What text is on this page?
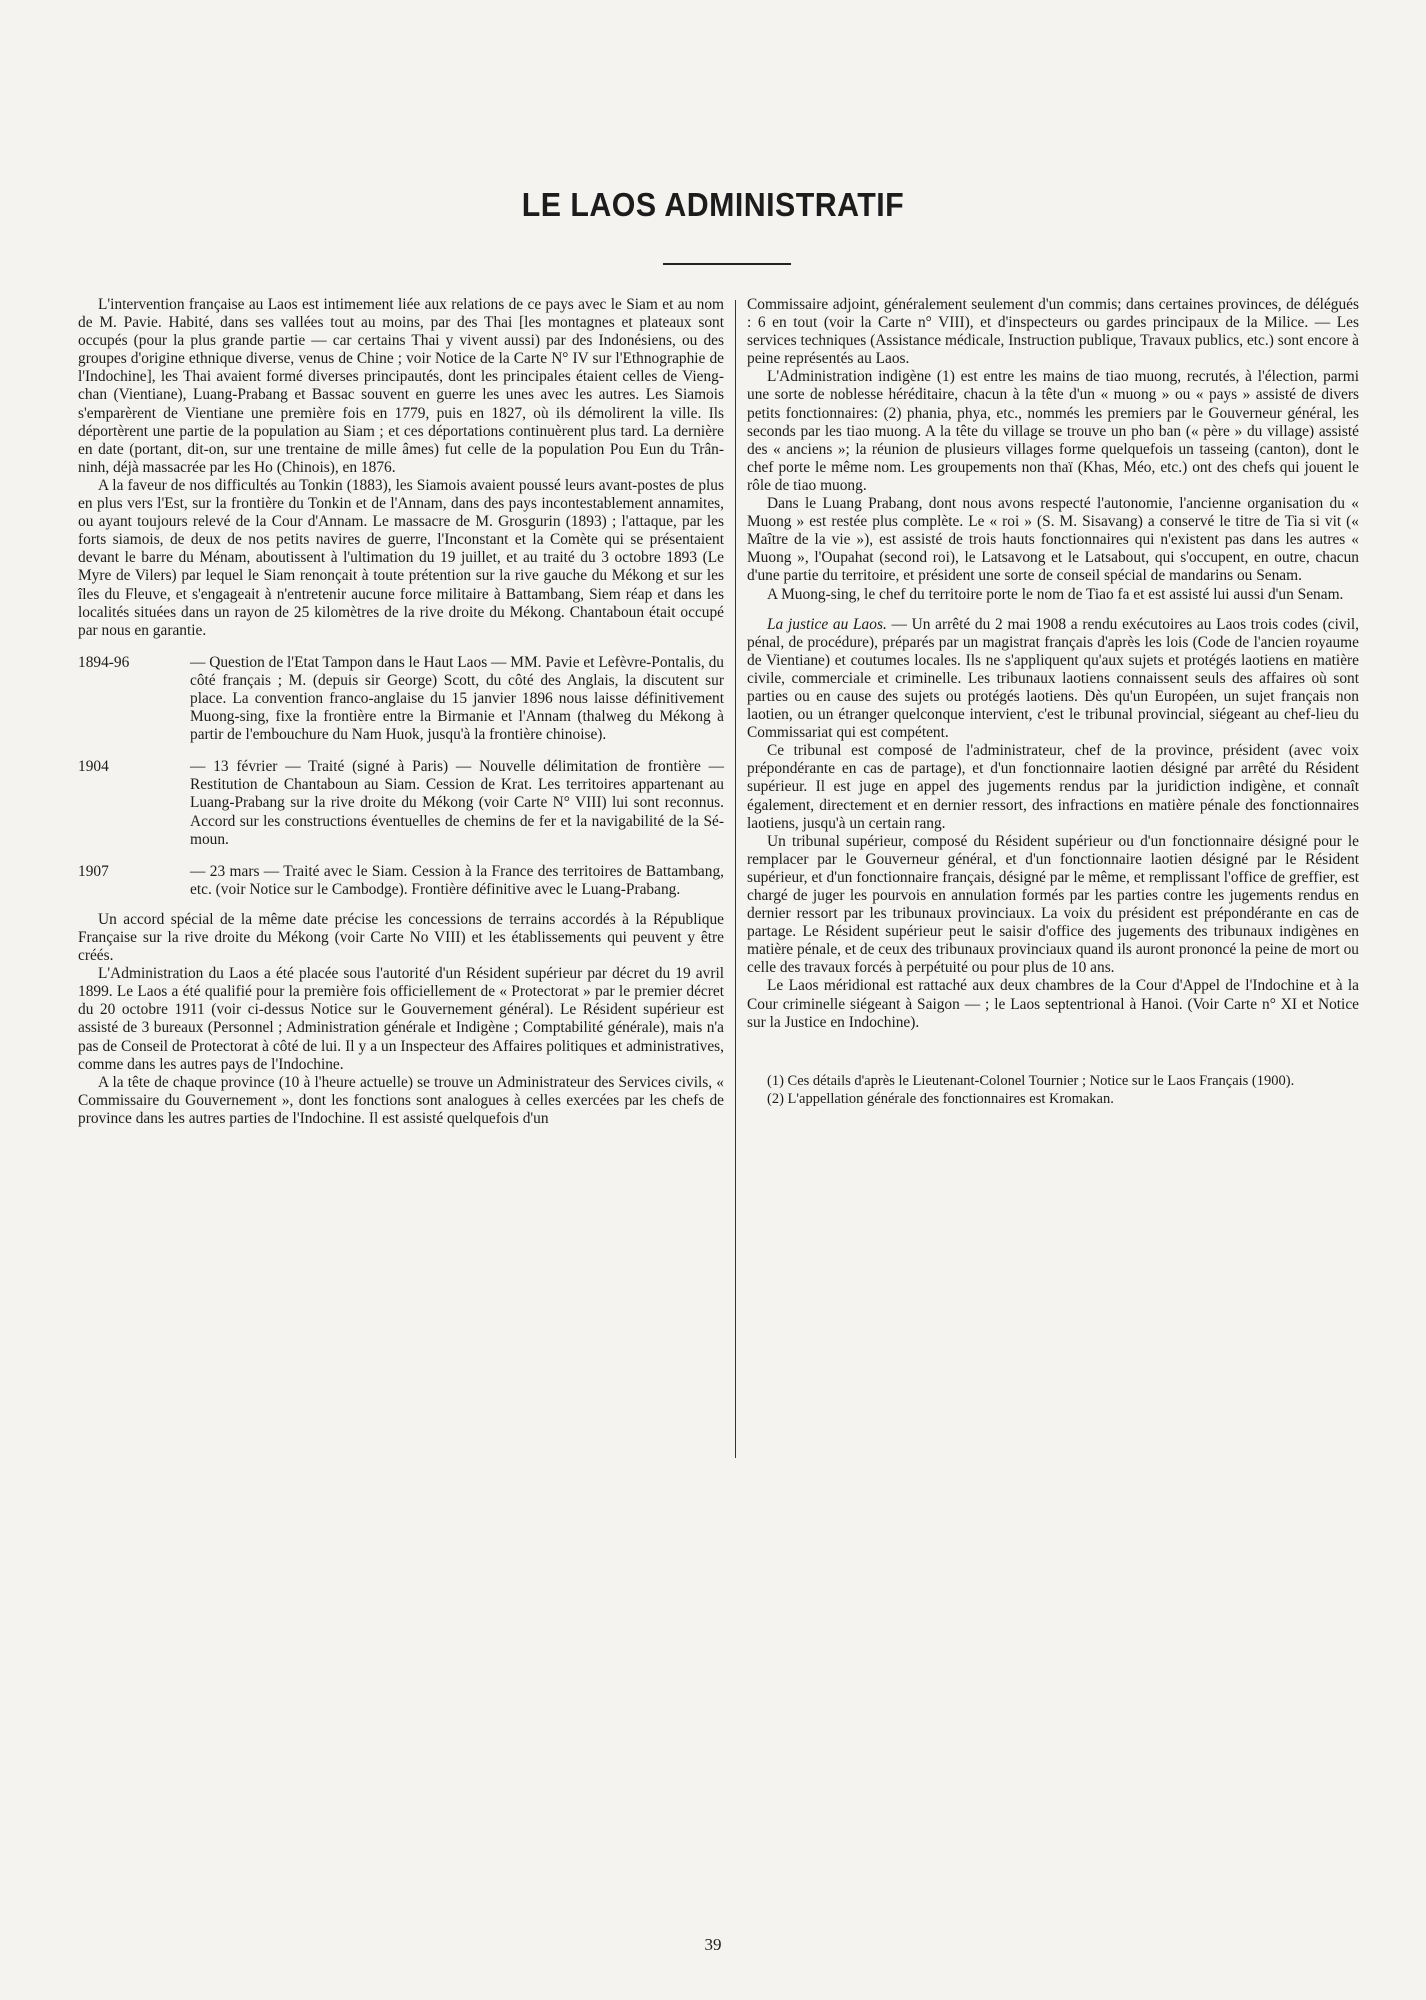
LE LAOS ADMINISTRATIF

L'intervention française au Laos est intimement liée aux relations de ce pays avec le Siam et au nom de M. Pavie. Habité, dans ses vallées tout au moins, par des Thai [les montagnes et plateaux sont occupés (pour la plus grande partie — car certains Thai y vivent aussi) par des Indonésiens, ou des groupes d'origine ethnique diverse, venus de Chine ; voir Notice de la Carte N° IV sur l'Ethnographie de l'Indochine], les Thai avaient formé diverses principautés, dont les principales étaient celles de Vieng-chan (Vientiane), Luang-Prabang et Bassac souvent en guerre les unes avec les autres. Les Siamois s'emparèrent de Vientiane une première fois en 1779, puis en 1827, où ils démolirent la ville. Ils déportèrent une partie de la population au Siam ; et ces déportations continuèrent plus tard. La dernière en date (portant, dit-on, sur une trentaine de mille âmes) fut celle de la population Pou Eun du Trân-ninh, déjà massacrée par les Ho (Chinois), en 1876.

A la faveur de nos difficultés au Tonkin (1883), les Siamois avaient poussé leurs avant-postes de plus en plus vers l'Est, sur la frontière du Tonkin et de l'Annam, dans des pays incontestablement annamites, ou ayant toujours relevé de la Cour d'Annam. Le massacre de M. Grosgurin (1893) ; l'attaque, par les forts siamois, de deux de nos petits navires de guerre, l'Inconstant et la Comète qui se présentaient devant le barre du Ménam, aboutissent à l'ultimation du 19 juillet, et au traité du 3 octobre 1893 (Le Myre de Vilers) par lequel le Siam renonçait à toute prétention sur la rive gauche du Mékong et sur les îles du Fleuve, et s'engageait à n'entretenir aucune force militaire à Battambang, Siem réap et dans les localités situées dans un rayon de 25 kilomètres de la rive droite du Mékong. Chantaboun était occupé par nous en garantie.

1894-96	— Question de l'Etat Tampon dans le Haut Laos — MM. Pavie et Lefèvre-Pontalis, du côté français ; M. (depuis sir George) Scott, du côté des Anglais, la discutent sur place. La convention franco-anglaise du 15 janvier 1896 nous laisse définitivement Muong-sing, fixe la frontière entre la Birmanie et l'Annam (thalweg du Mékong à partir de l'embouchure du Nam Huok, jusqu'à la frontière chinoise).
1904	— 13 février — Traité (signé à Paris) — Nouvelle délimitation de frontière — Restitution de Chantaboun au Siam. Cession de Krat. Les territoires appartenant au Luang-Prabang sur la rive droite du Mékong (voir Carte N° VIII) lui sont reconnus. Accord sur les constructions éventuelles de chemins de fer et la navigabilité de la Sé-moun.
1907	— 23 mars — Traité avec le Siam. Cession à la France des territoires de Battambang, etc. (voir Notice sur le Cambodge). Frontière définitive avec le Luang-Prabang.

Un accord spécial de la même date précise les concessions de terrains accordés à la République Française sur la rive droite du Mékong (voir Carte No VIII) et les établissements qui peuvent y être créés.

L'Administration du Laos a été placée sous l'autorité d'un Résident supérieur par décret du 19 avril 1899. Le Laos a été qualifié pour la première fois officiellement de « Protectorat » par le premier décret du 20 octobre 1911 (voir ci-dessus Notice sur le Gouvernement général). Le Résident supérieur est assisté de 3 bureaux (Personnel ; Administration générale et Indigène ; Comptabilité générale), mais n'a pas de Conseil de Protectorat à côté de lui. Il y a un Inspecteur des Affaires politiques et administratives, comme dans les autres pays de l'Indochine.

A la tête de chaque province (10 à l'heure actuelle) se trouve un Administrateur des Services civils, « Commissaire du Gouvernement », dont les fonctions sont analogues à celles exercées par les chefs de province dans les autres parties de l'Indochine. Il est assisté quelquefois d'un

Commissaire adjoint, généralement seulement d'un commis; dans certaines provinces, de délégués : 6 en tout (voir la Carte n° VIII), et d'inspecteurs ou gardes principaux de la Milice. — Les services techniques (Assistance médicale, Instruction publique, Travaux publics, etc.) sont encore à peine représentés au Laos.

L'Administration indigène (1) est entre les mains de tiao muong, recrutés, à l'élection, parmi une sorte de noblesse héréditaire, chacun à la tête d'un « muong » ou « pays » assisté de divers petits fonctionnaires: (2) phania, phya, etc., nommés les premiers par le Gouverneur général, les seconds par les tiao muong. A la tête du village se trouve un pho ban (« père » du village) assisté des « anciens »; la réunion de plusieurs villages forme quelquefois un tasseing (canton), dont le chef porte le même nom. Les groupements non thaï (Khas, Méo, etc.) ont des chefs qui jouent le rôle de tiao muong.

Dans le Luang Prabang, dont nous avons respecté l'autonomie, l'ancienne organisation du « Muong » est restée plus complète. Le « roi » (S. M. Sisavang) a conservé le titre de Tia si vit (« Maître de la vie »), est assisté de trois hauts fonctionnaires qui n'existent pas dans les autres « Muong », l'Oupahat (second roi), le Latsavong et le Latsabout, qui s'occupent, en outre, chacun d'une partie du territoire, et président une sorte de conseil spécial de mandarins ou Senam.

A Muong-sing, le chef du territoire porte le nom de Tiao fa et est assisté lui aussi d'un Senam.

La justice au Laos. — Un arrêté du 2 mai 1908 a rendu exécutoires au Laos trois codes (civil, pénal, de procédure), préparés par un magistrat français d'après les lois (Code de l'ancien royaume de Vientiane) et coutumes locales. Ils ne s'appliquent qu'aux sujets et protégés laotiens en matière civile, commerciale et criminelle. Les tribunaux laotiens connaissent seuls des affaires où sont parties ou en cause des sujets ou protégés laotiens. Dès qu'un Européen, un sujet français non laotien, ou un étranger quelconque intervient, c'est le tribunal provincial, siégeant au chef-lieu du Commissariat qui est compétent.

Ce tribunal est composé de l'administrateur, chef de la province, président (avec voix prépondérante en cas de partage), et d'un fonctionnaire laotien désigné par arrêté du Résident supérieur. Il est juge en appel des jugements rendus par la juridiction indigène, et connaît également, directement et en dernier ressort, des infractions en matière pénale des fonctionnaires laotiens, jusqu'à un certain rang.

Un tribunal supérieur, composé du Résident supérieur ou d'un fonctionnaire désigné pour le remplacer par le Gouverneur général, et d'un fonctionnaire laotien désigné par le Résident supérieur, et d'un fonctionnaire français, désigné par le même, et remplissant l'office de greffier, est chargé de juger les pourvois en annulation formés par les parties contre les jugements rendus en dernier ressort par les tribunaux provinciaux. La voix du président est prépondérante en cas de partage. Le Résident supérieur peut le saisir d'office des jugements des tribunaux indigènes en matière pénale, et de ceux des tribunaux provinciaux quand ils auront prononcé la peine de mort ou celle des travaux forcés à perpétuité ou pour plus de 10 ans.

Le Laos méridional est rattaché aux deux chambres de la Cour d'Appel de l'Indochine et à la Cour criminelle siégeant à Saigon — ; le Laos septentrional à Hanoi. (Voir Carte n° XI et Notice sur la Justice en Indochine).

(1) Ces détails d'après le Lieutenant-Colonel Tournier ; Notice sur le Laos Français (1900).

(2) L'appellation générale des fonctionnaires est Kromakan.

39
